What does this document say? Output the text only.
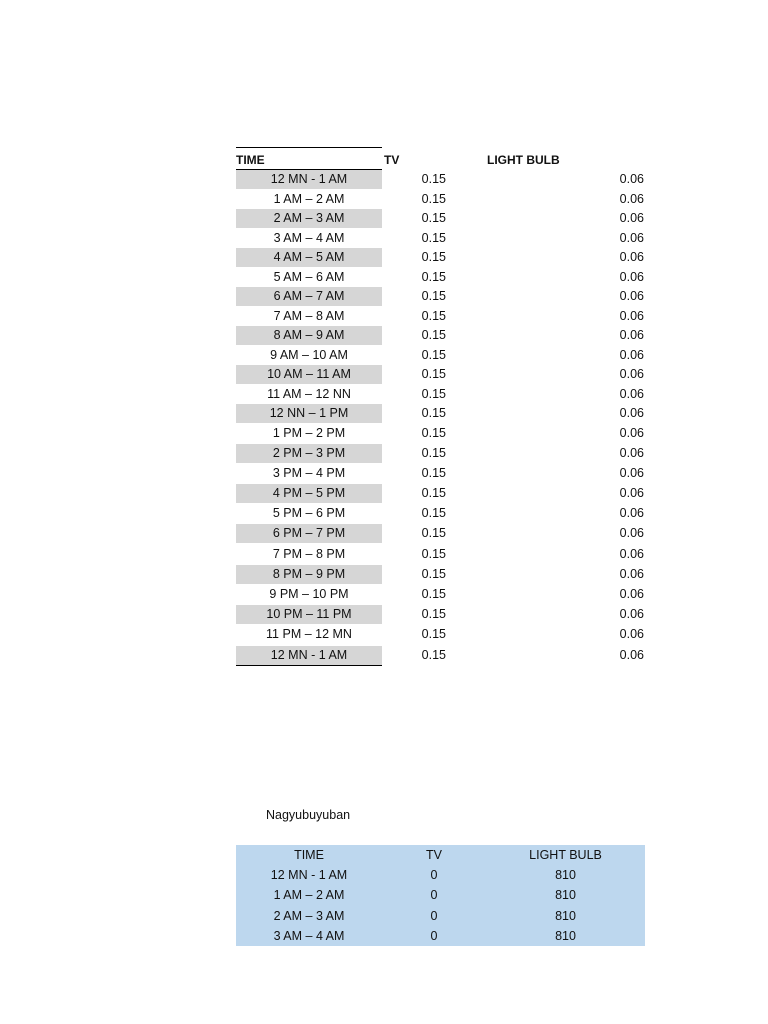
TIME	TV	LIGHT BULB
12 MN - 1 AM	0.15	0.06
1 AM – 2 AM	0.15	0.06
2 AM – 3 AM	0.15	0.06
3 AM – 4 AM	0.15	0.06
4 AM – 5 AM	0.15	0.06
5 AM – 6 AM	0.15	0.06
6 AM – 7 AM	0.15	0.06
7 AM – 8 AM	0.15	0.06
8 AM – 9 AM	0.15	0.06
9 AM – 10 AM	0.15	0.06
10 AM – 11 AM	0.15	0.06
11 AM – 12 NN	0.15	0.06
12 NN – 1 PM	0.15	0.06
1 PM – 2 PM	0.15	0.06
2 PM – 3 PM	0.15	0.06
3 PM – 4 PM	0.15	0.06
4 PM – 5 PM	0.15	0.06
5 PM – 6 PM	0.15	0.06
6 PM – 7 PM	0.15	0.06
7 PM – 8 PM	0.15	0.06
8 PM – 9 PM	0.15	0.06
9 PM – 10 PM	0.15	0.06
10 PM – 11 PM	0.15	0.06
11 PM – 12 MN	0.15	0.06
12 MN - 1 AM	0.15	0.06
Nagyubuyuban
TIME	TV	LIGHT BULB
12 MN - 1 AM	0	810
1 AM – 2 AM	0	810
2 AM – 3 AM	0	810
3 AM – 4 AM	0	810
